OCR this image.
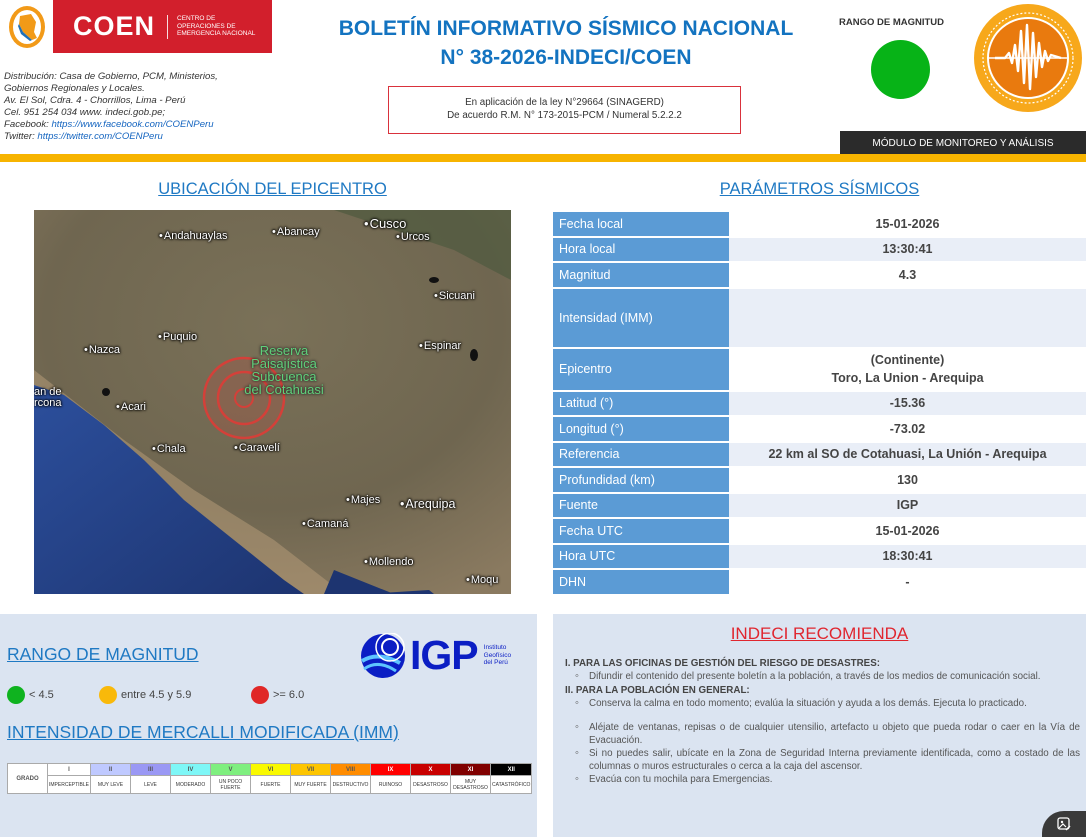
COEN	CENTRO DE
OPERACIONES DE
EMERGENCIA NACIONAL
Distribución: Casa de Gobierno, PCM, Ministerios,
Gobiernos Regionales y Locales.
Av. El Sol, Cdra. 4 - Chorrillos, Lima - Perú
Cel. 951 254 034 www. indeci.gob.pe;
Facebook: https://www.facebook.com/COENPeru
Twitter: https://twitter.com/COENPeru
BOLETÍN INFORMATIVO SÍSMICO NACIONAL
N° 38-2026-INDECI/COEN
En aplicación de la ley N°29664 (SINAGERD)
De acuerdo R.M. N° 173-2015-PCM / Numeral 5.2.2.2
RANGO DE MAGNITUD
MÓDULO DE MONITOREO Y ANÁLISIS
UBICACIÓN DEL EPICENTRO	PARÁMETROS SÍSMICOS
• Andahuaylas	• Abancay
• Cusco
• Urcos
• Sicuani
• Puquio
• Nazca	• Espinar
Reserva
Paisajística
Subcuenca
del Cotahuasi
an de
rcona	• Acari
• Chala	• Caravelí
• Majes	• Arequipa
• Camaná
• Mollendo
• Moqu
Fecha local	15-01-2026
Hora local	13:30:41
Magnitud	4.3
Intensidad (IMM)	
Epicentro	(Continente)
Toro, La Union - Arequipa

Latitud (°)	-15.36
Longitud (°)	-73.02
Referencia	22 km al SO de Cotahuasi, La Unión - Arequipa
Profundidad (km)	130
Fuente	IGP
Fecha UTC	15-01-2026
Hora UTC	18:30:41
DHN	-
RANGO DE MAGNITUD	IGP Instituto
Geofísico
del Perú
< 4.5	entre 4.5 y 5.9	>= 6.0
INTENSIDAD DE MERCALLI MODIFICADA (IMM)
GRADO	I	II	III	IV	V	VI	VII	VIII	IX	X	XI	XII
	IMPERCEPTIBLE	MUY LEVE	LEVE	MODERADO	UN POCO FUERTE	FUERTE	MUY FUERTE	DESTRUCTIVO	RUINOSO	DESASTROSO	MUY DESASTROSO	CATASTRÓFICO
INDECI RECOMIENDA
I. PARA LAS OFICINAS DE GESTIÓN DEL RIESGO DE DESASTRES:
◦ Difundir el contenido del presente boletín a la población, a través de los medios de comunicación social.
II. PARA LA POBLACIÓN EN GENERAL:
◦ Conserva la calma en todo momento; evalúa la situación y ayuda a los demás. Ejecuta lo practicado.
◦ Aléjate de ventanas, repisas o de cualquier utensilio, artefacto u objeto que pueda rodar o caer en la Vía de Evacuación.
◦ Si no puedes salir, ubícate en la Zona de Seguridad Interna previamente identificada, como a costado de las columnas o muros estructurales o cerca a la caja del ascensor.
◦ Evacúa con tu mochila para Emergencias.
